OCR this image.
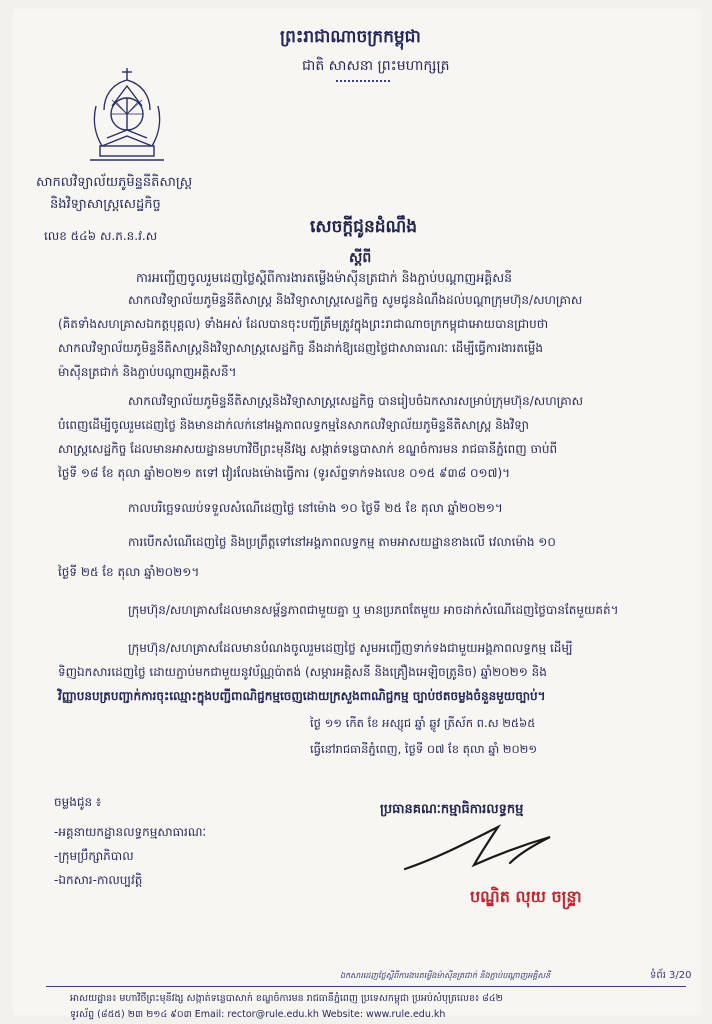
ព្រះរាជាណាចក្រកម្ពុជា
ជាតិ សាសនា ព្រះមហាក្សត្រ
សាកលវិទ្យាល័យភូមិន្ទនីតិសាស្ត្រ
និងវិទ្យាសាស្ត្រសេដ្ឋកិច្ច
លេខ ៥៤៦ ស.ភ.ន.វ.ស	សេចក្តីជូនដំណឹង
ស្តីពី
ការអញ្ជើញចូលរួមដេញថ្លៃស្តីពីការងារតម្លើងម៉ាស៊ីនត្រជាក់ និងភ្ជាប់បណ្តាញអគ្គិសនី
សាកលវិទ្យាល័យភូមិន្ទនីតិសាស្ត្រ និងវិទ្យាសាស្ត្រសេដ្ឋកិច្ច សូមជូនដំណឹងដល់បណ្តាក្រុមហ៊ុន/សហគ្រាស
(គិតទាំងសហគ្រាសឯកត្តបុគ្គល) ទាំងអស់ ដែលបានចុះបញ្ជីត្រឹមត្រូវក្នុងព្រះរាជាណាចក្រកម្ពុជាអោយបានជ្រាបថា
សាកលវិទ្យាល័យភូមិន្ទនីតិសាស្ត្រនិងវិទ្យាសាស្ត្រសេដ្ឋកិច្ច នឹងដាក់ឱ្យដេញថ្លៃជាសាធារណៈ ដើម្បីធ្វើការងារតម្លើង
ម៉ាស៊ីនត្រជាក់ និងភ្ជាប់បណ្តាញអគ្គិសនី។
សាកលវិទ្យាល័យភូមិន្ទនីតិសាស្ត្រនិងវិទ្យាសាស្ត្រសេដ្ឋកិច្ច បានរៀបចំឯកសារសម្រាប់ក្រុមហ៊ុន/សហគ្រាស
បំពេញដើម្បីចូលរួមដេញថ្លៃ និងមានដាក់លក់នៅអង្គភាពលទ្ធកម្មនៃសាកលវិទ្យាល័យភូមិន្ទនីតិសាស្ត្រ និងវិទ្យា
សាស្ត្រសេដ្ឋកិច្ច ដែលមានអាសយដ្ឋានមហាវិថីព្រះមុនីវង្ស សង្កាត់ទន្លេបាសាក់ ខណ្ឌចំការមន រាជធានីភ្នំពេញ ចាប់ពី
ថ្ងៃទី ១៨ ខែ តុលា ឆ្នាំ២០២១ តទៅ វៀរលែងម៉ោងធ្វើការ (ទូរស័ព្ទទាក់ទងលេខ ០១៥ ៩៣៨ ០១៧)។
កាលបរិច្ឆេទឈប់ទទួលសំណើដេញថ្លៃ នៅម៉ោង ១០ ថ្ងៃទី ២៥ ខែ តុលា ឆ្នាំ២០២១។
ការបើកសំណើដេញថ្លៃ និងប្រព្រឹត្តទៅនៅអង្គភាពលទ្ធកម្ម តាមអាសយដ្ឋានខាងលើ វេលាម៉ោង ១០
ថ្ងៃទី ២៥ ខែ តុលា ឆ្នាំ២០២១។
ក្រុមហ៊ុន/សហគ្រាសដែលមានសម្ព័ន្ធភាពជាមួយគ្នា ឬ មានប្រភពតែមួយ អាចដាក់សំណើដេញថ្លៃបានតែមួយគត់។
ក្រុមហ៊ុន/សហគ្រាសដែលមានបំណងចូលរួមដេញថ្លៃ សូមអញ្ជើញទាក់ទងជាមួយអង្គភាពលទ្ធកម្ម ដើម្បី
ទិញឯកសារដេញថ្លៃ ដោយភ្ជាប់មកជាមួយនូវប័ណ្ណប៉ាតង់ (សម្ភារអគ្គិសនី និងគ្រឿងអេឡិចត្រូនិច) ឆ្នាំ២០២១ និង
វិញ្ញាបនបត្របញ្ជាក់ការចុះឈ្មោះក្នុងបញ្ជីពាណិជ្ជកម្មចេញដោយក្រសួងពាណិជ្ជកម្ម ច្បាប់ថតចម្លងចំនួនមួយច្បាប់។
ថ្ងៃ ១១ កើត ខែ អស្សុជ ឆ្នាំ ឆ្លូវ ត្រីស័ក ព.ស ២៥៦៥
ធ្វើនៅរាជធានីភ្នំពេញ, ថ្ងៃទី ០៧ ខែ តុលា ឆ្នាំ ២០២១
ប្រធានគណៈកម្មាធិការលទ្ធកម្ម
បណ្ឌិត លុយ ចន្ទ្រា
ចម្លងជូន ៖
-អគ្គនាយកដ្ឋានលទ្ធកម្មសាធារណៈ
-ក្រុមប្រឹក្សាភិបាល
-ឯកសារ-កាលប្បវត្តិ
ឯកសារដេញថ្លៃស្តីពីការងារតម្លើងម៉ាស៊ីនត្រជាក់ និងភ្ជាប់បណ្តាញអគ្គិសនី	ទំព័រ 3/20
អាសយដ្ឋាន៖ មហាវិថីព្រះមុនីវង្ស សង្កាត់ទន្លេបាសាក់ ខណ្ឌចំការមន រាជធានីភ្នំពេញ ប្រទេសកម្ពុជា ប្រអប់សំបុត្រលេខ៖ ៨៤២
ទូរស័ព្ទ (៨៥៥) ២៣ ២១៤ ៩០៣ Email: rector@rule.edu.kh Website: www.rule.edu.kh
